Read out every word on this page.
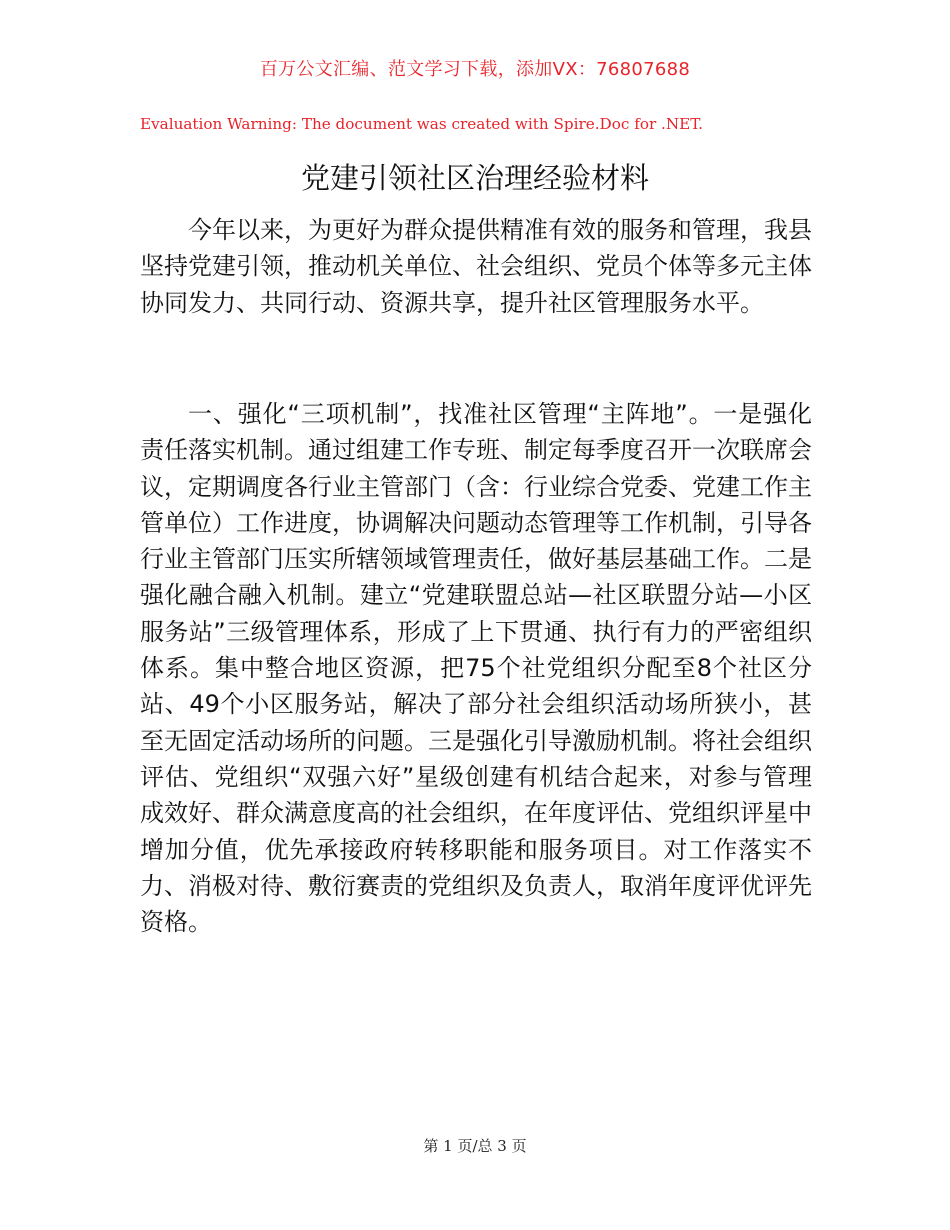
百万公文汇编、范文学习下载，添加VX：76807688
Evaluation Warning: The document was created with Spire.Doc for .NET.
党建引领社区治理经验材料

今年以来，为更好为群众提供精准有效的服务和管理，我县坚持党建引领，推动机关单位、社会组织、党员个体等多元主体协同发力、共同行动、资源共享，提升社区管理服务水平。

一、强化“三项机制”，找准社区管理“主阵地”。一是强化责任落实机制。通过组建工作专班、制定每季度召开一次联席会议，定期调度各行业主管部门（含：行业综合党委、党建工作主管单位）工作进度，协调解决问题动态管理等工作机制，引导各行业主管部门压实所辖领域管理责任，做好基层基础工作。二是强化融合融入机制。建立“党建联盟总站—社区联盟分站—小区服务站”三级管理体系，形成了上下贯通、执行有力的严密组织体系。集中整合地区资源，把75个社党组织分配至8个社区分站、49个小区服务站，解决了部分社会组织活动场所狭小，甚至无固定活动场所的问题。三是强化引导激励机制。将社会组织评估、党组织“双强六好”星级创建有机结合起来，对参与管理成效好、群众满意度高的社会组织，在年度评估、党组织评星中增加分值，优先承接政府转移职能和服务项目。对工作落实不力、消极对待、敷衍赛责的党组织及负责人，取消年度评优评先资格。

第 1 页/总 3 页
